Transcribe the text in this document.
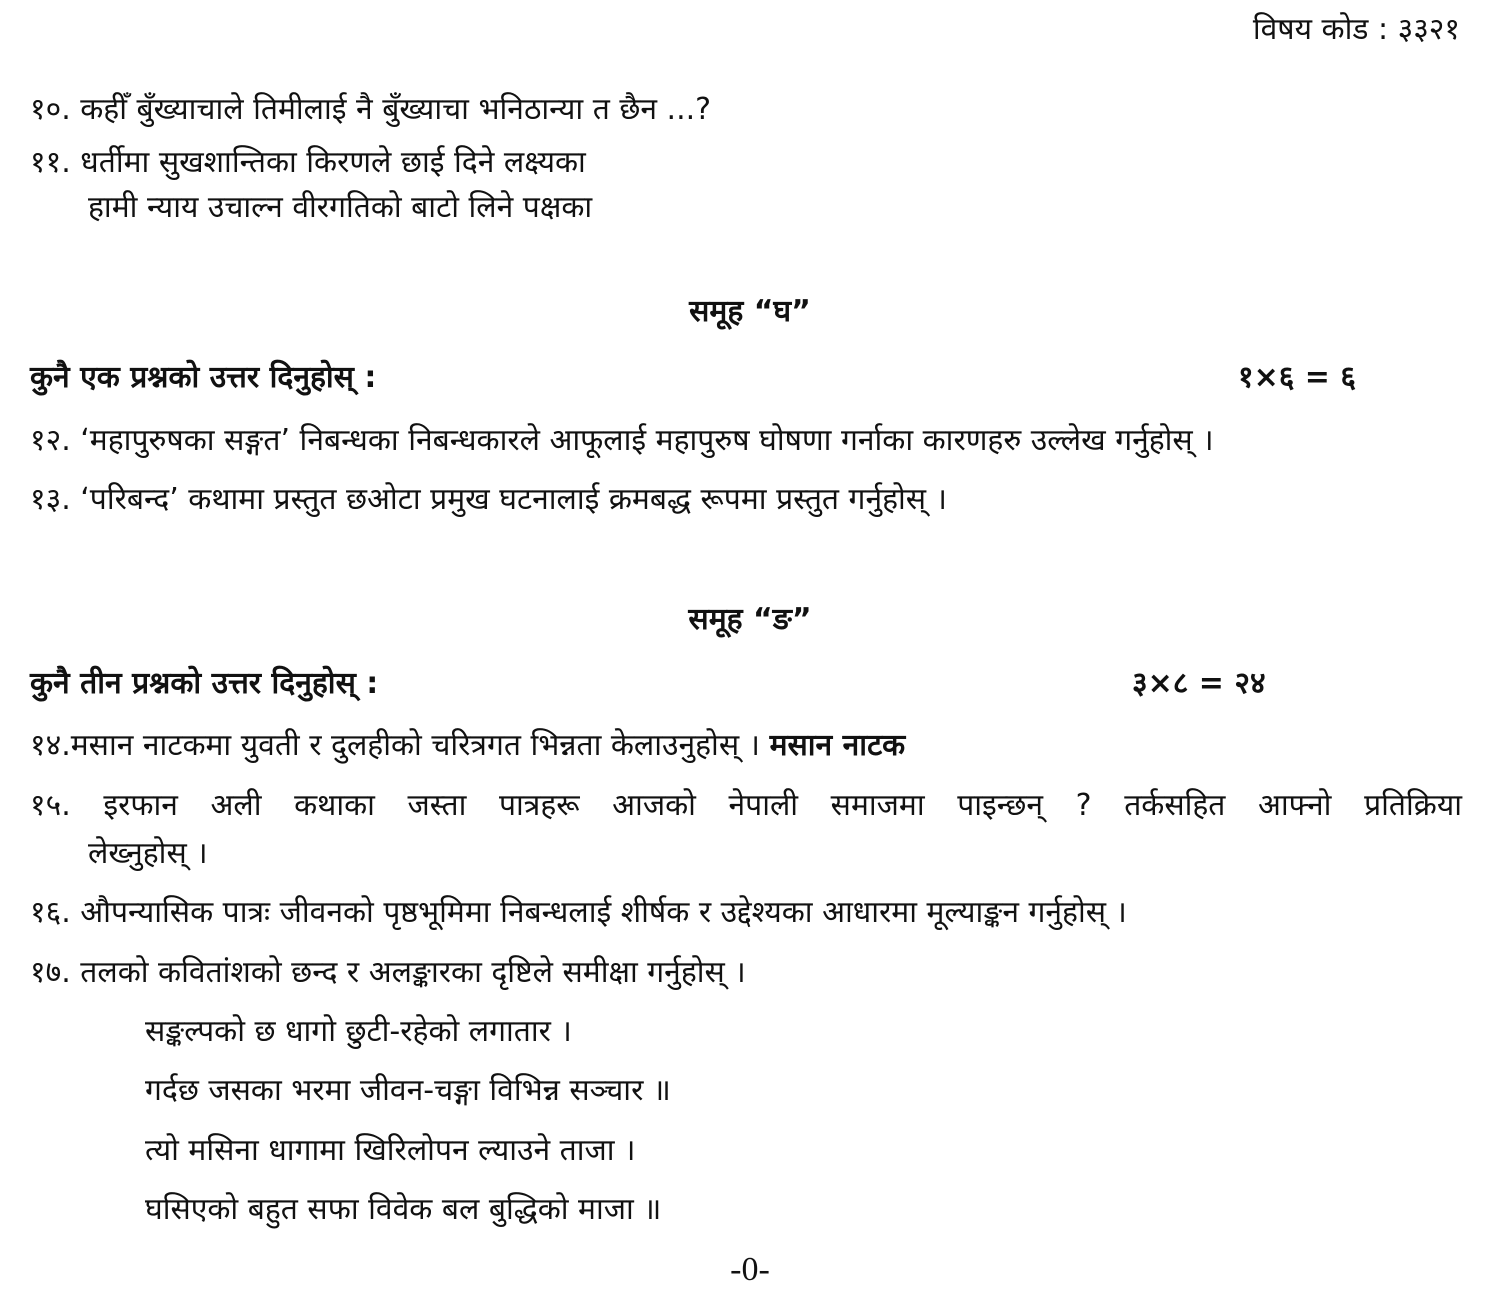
विषय कोड : ३३२१
१०. कहीँ बुँख्याचाले तिमीलाई नै बुँख्याचा भनिठान्या त छैन ...?
११. धर्तीमा सुखशान्तिका किरणले छाई दिने लक्ष्यका
हामी न्याय उचाल्न वीरगतिको बाटो लिने पक्षका
समूह “घ”
कुनै एक प्रश्नको उत्तर दिनुहोस् :	१×६ = ६
१२. ‘महापुरुषका सङ्गत’ निबन्धका निबन्धकारले आफूलाई महापुरुष घोषणा गर्नाका कारणहरु उल्लेख गर्नुहोस् ।
१३. ‘परिबन्द’ कथामा प्रस्तुत छओटा प्रमुख घटनालाई क्रमबद्ध रूपमा प्रस्तुत गर्नुहोस् ।
समूह “ङ”
कुनै तीन प्रश्नको उत्तर दिनुहोस् :	३×८ = २४
१४.मसान नाटकमा युवती र दुलहीको चरित्रगत भिन्नता केलाउनुहोस् । मसान नाटक
१५. इरफान अली कथाका जस्ता पात्रहरू आजको नेपाली समाजमा पाइन्छन् ? तर्कसहित आफ्नो प्रतिक्रिया
लेख्नुहोस् ।
१६. औपन्यासिक पात्रः जीवनको पृष्ठभूमिमा निबन्धलाई शीर्षक र उद्देश्यका आधारमा मूल्याङ्कन गर्नुहोस् ।
१७. तलको कवितांशको छन्द र अलङ्कारका दृष्टिले समीक्षा गर्नुहोस् ।
सङ्कल्पको छ धागो छुटी-रहेको लगातार ।
गर्दछ जसका भरमा जीवन-चङ्गा विभिन्न सञ्चार ॥
त्यो मसिना धागामा खिरिलोपन ल्याउने ताजा ।
घसिएको बहुत सफा विवेक बल बुद्धिको माजा ॥
-0-
